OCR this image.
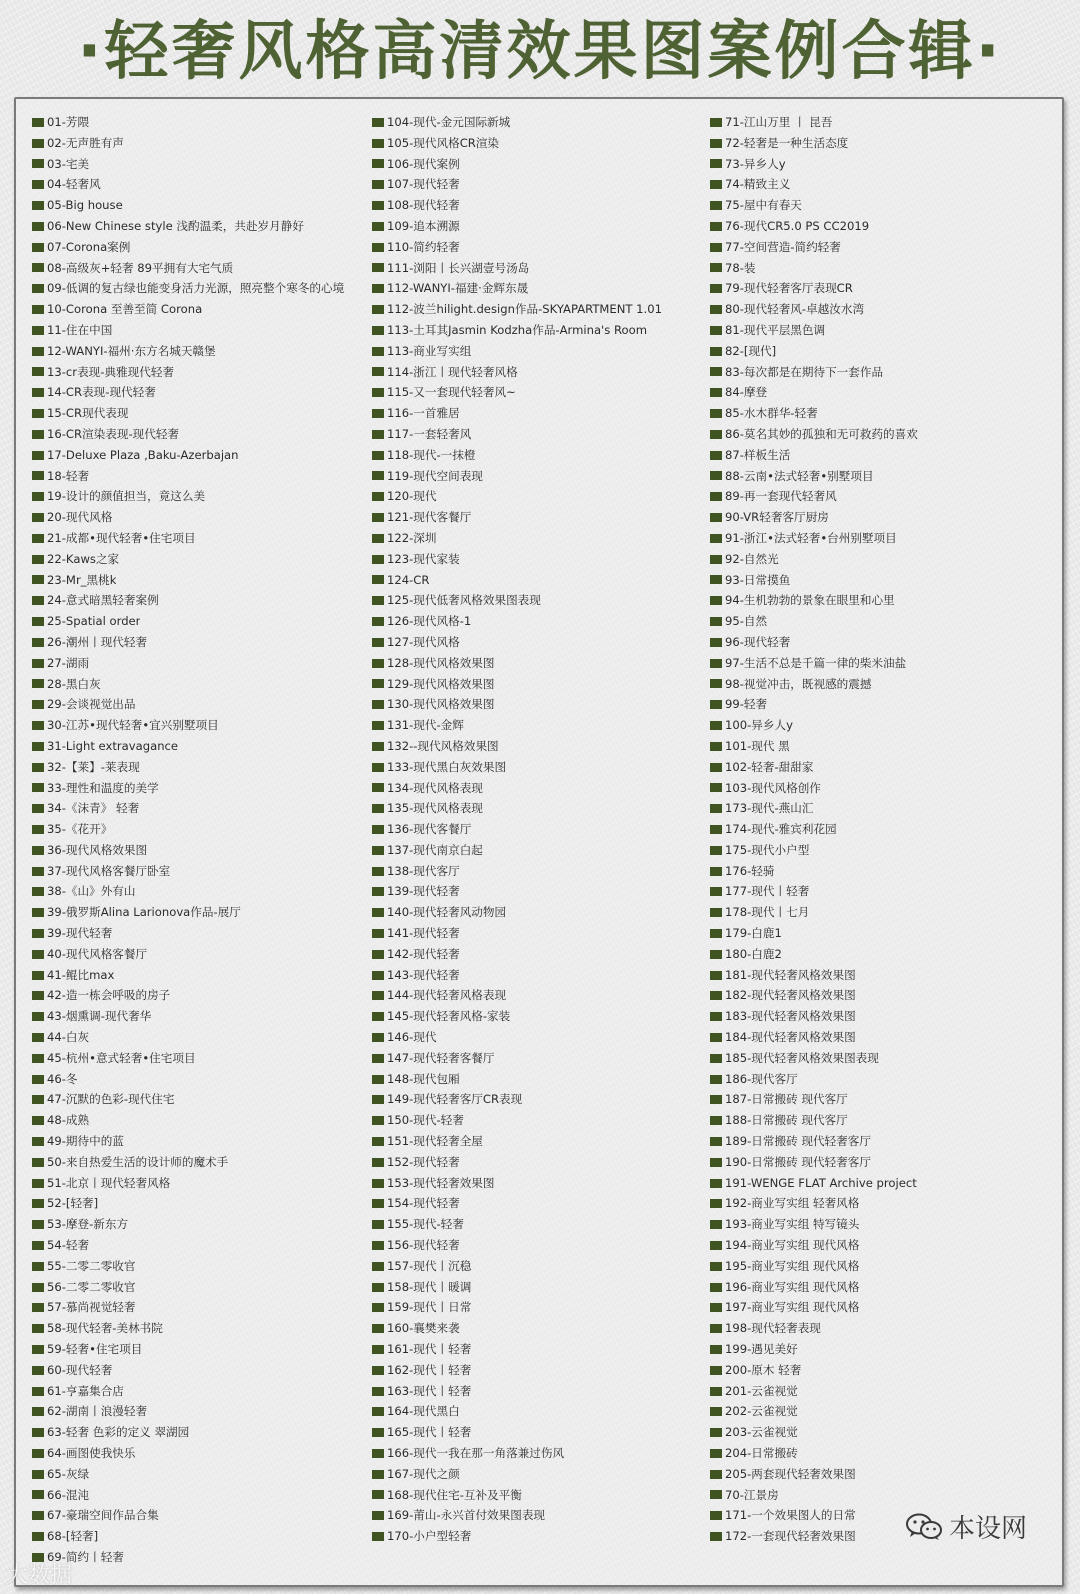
·轻奢风格高清效果图案例合辑·
01-芳隈
02-无声胜有声
03-宅美
04-轻奢风
05-Big house
06-New Chinese style 浅酌温柔，共赴岁月静好
07-Corona案例
08-高级灰+轻奢 89平拥有大宅气质
09-低调的复古绿也能变身活力光源，照亮整个寒冬的心境
10-Corona 至善至简 Corona
11-住在中国
12-WANYI-福州·东方名城天赣堡
13-cr表现-典雅现代轻奢
14-CR表现-现代轻奢
15-CR现代表现
16-CR渲染表现-现代轻奢
17-Deluxe Plaza ,Baku-Azerbajan
18-轻奢
19-设计的颜值担当，竟这么美
20-现代风格
21-成都•现代轻奢•住宅项目
22-Kaws之家
23-Mr_黑桃k
24-意式暗黑轻奢案例
25-Spatial order
26-潮州丨现代轻奢
27-湖雨
28-黑白灰
29-会谈视觉出品
30-江苏•现代轻奢•宜兴别墅项目
31-Light extravagance
32-【莱】-莱表现
33-理性和温度的美学
34-《沫青》 轻奢
35-《花开》
36-现代风格效果图
37-现代风格客餐厅卧室
38-《山》外有山
39-俄罗斯Alina Larionova作品-展厅
39-现代轻奢
40-现代风格客餐厅
41-鲲比max
42-造一栋会呼吸的房子
43-烟熏调-现代奢华
44-白灰
45-杭州•意式轻奢•住宅项目
46-冬
47-沉默的色彩-现代住宅
48-成熟
49-期待中的蓝
50-来自热爱生活的设计师的魔术手
51-北京丨现代轻奢风格
52-[轻奢]
53-摩登-新东方
54-轻奢
55-二零二零收官
56-二零二零收官
57-慕尚视觉轻奢
58-现代轻奢-美林书院
59-轻奢•住宅项目
60-现代轻奢
61-亨嘉集合店
62-湖南丨浪漫轻奢
63-轻奢 色彩的定义 翠湖园
64-画图使我快乐
65-灰绿
66-混沌
67-豪瑞空间作品合集
68-[轻奢]
69-简约丨轻奢
104-现代-金元国际新城
105-现代风格CR渲染
106-现代案例
107-现代轻奢
108-现代轻奢
109-追本溯源
110-简约轻奢
111-浏阳丨长兴湖壹号汤岛
112-WANYI-福建·金辉东晟
112-波兰hilight.design作品-SKYAPARTMENT 1.01
113-土耳其Jasmin Kodzha作品-Armina's Room
113-商业写实组
114-浙江丨现代轻奢风格
115-又一套现代轻奢风~
116-一首雅居
117-一套轻奢风
118-现代-一抹橙
119-现代空间表现
120-现代
121-现代客餐厅
122-深圳
123-现代家装
124-CR
125-现代低奢风格效果图表现
126-现代风格-1
127-现代风格
128-现代风格效果图
129-现代风格效果图
130-现代风格效果图
131-现代-金辉
132--现代风格效果图
133-现代黑白灰效果图
134-现代风格表现
135-现代风格表现
136-现代客餐厅
137-现代南京白起
138-现代客厅
139-现代轻奢
140-现代轻奢风动物园
141-现代轻奢
142-现代轻奢
143-现代轻奢
144-现代轻奢风格表现
145-现代轻奢风格-家装
146-现代
147-现代轻奢客餐厅
148-现代包厢
149-现代轻奢客厅CR表现
150-现代-轻奢
151-现代轻奢全屋
152-现代轻奢
153-现代轻奢效果图
154-现代轻奢
155-现代-轻奢
156-现代轻奢
157-现代丨沉稳
158-现代丨暖调
159-现代丨日常
160-襄樊来袭
161-现代丨轻奢
162-现代丨轻奢
163-现代丨轻奢
164-现代黑白
165-现代丨轻奢
166-现代一我在那一角落兼过伤风
167-现代之颜
168-现代住宅-互补及平衡
169-莆山-永兴首付效果图表现
170-小户型轻奢
71-江山万里 丨 昆吾
72-轻奢是一种生活态度
73-异乡人y
74-精致主义
75-屋中有春天
76-现代CR5.0 PS CC2019
77-空间营造-简约轻奢
78-装
79-现代轻奢客厅表现CR
80-现代轻奢风-卓越汝水湾
81-现代平层黑色调
82-[现代]
83-每次都是在期待下一套作品
84-摩登
85-水木群华-轻奢
86-莫名其妙的孤独和无可救药的喜欢
87-样板生活
88-云南•法式轻奢•别墅项目
89-再一套现代轻奢风
90-VR轻奢客厅厨房
91-浙江•法式轻奢•台州别墅项目
92-自然光
93-日常摸鱼
94-生机勃勃的景象在眼里和心里
95-自然
96-现代轻奢
97-生活不总是千篇一律的柴米油盐
98-视觉冲击，既视感的震撼
99-轻奢
100-异乡人y
101-现代 黑
102-轻奢-甜甜家
103-现代风格创作
173-现代-燕山汇
174-现代-雅宾利花园
175-现代小户型
176-轻骑
177-现代丨轻奢
178-现代丨七月
179-白鹿1
180-白鹿2
181-现代轻奢风格效果图
182-现代轻奢风格效果图
183-现代轻奢风格效果图
184-现代轻奢风格效果图
185-现代轻奢风格效果图表现
186-现代客厅
187-日常搬砖 现代客厅
188-日常搬砖 现代客厅
189-日常搬砖 现代轻奢客厅
190-日常搬砖 现代轻奢客厅
191-WENGE FLAT Archive project
192-商业写实组 轻奢风格
193-商业写实组 特写镜头
194-商业写实组 现代风格
195-商业写实组 现代风格
196-商业写实组 现代风格
197-商业写实组 现代风格
198-现代轻奢表现
199-遇见美好
200-原木 轻奢
201-云雀视觉
202-云雀视觉
203-云雀视觉
204-日常搬砖
205-两套现代轻奢效果图
70-江景房
171-一个效果图人的日常
172-一套现代轻奢效果图
大数据
本设网
